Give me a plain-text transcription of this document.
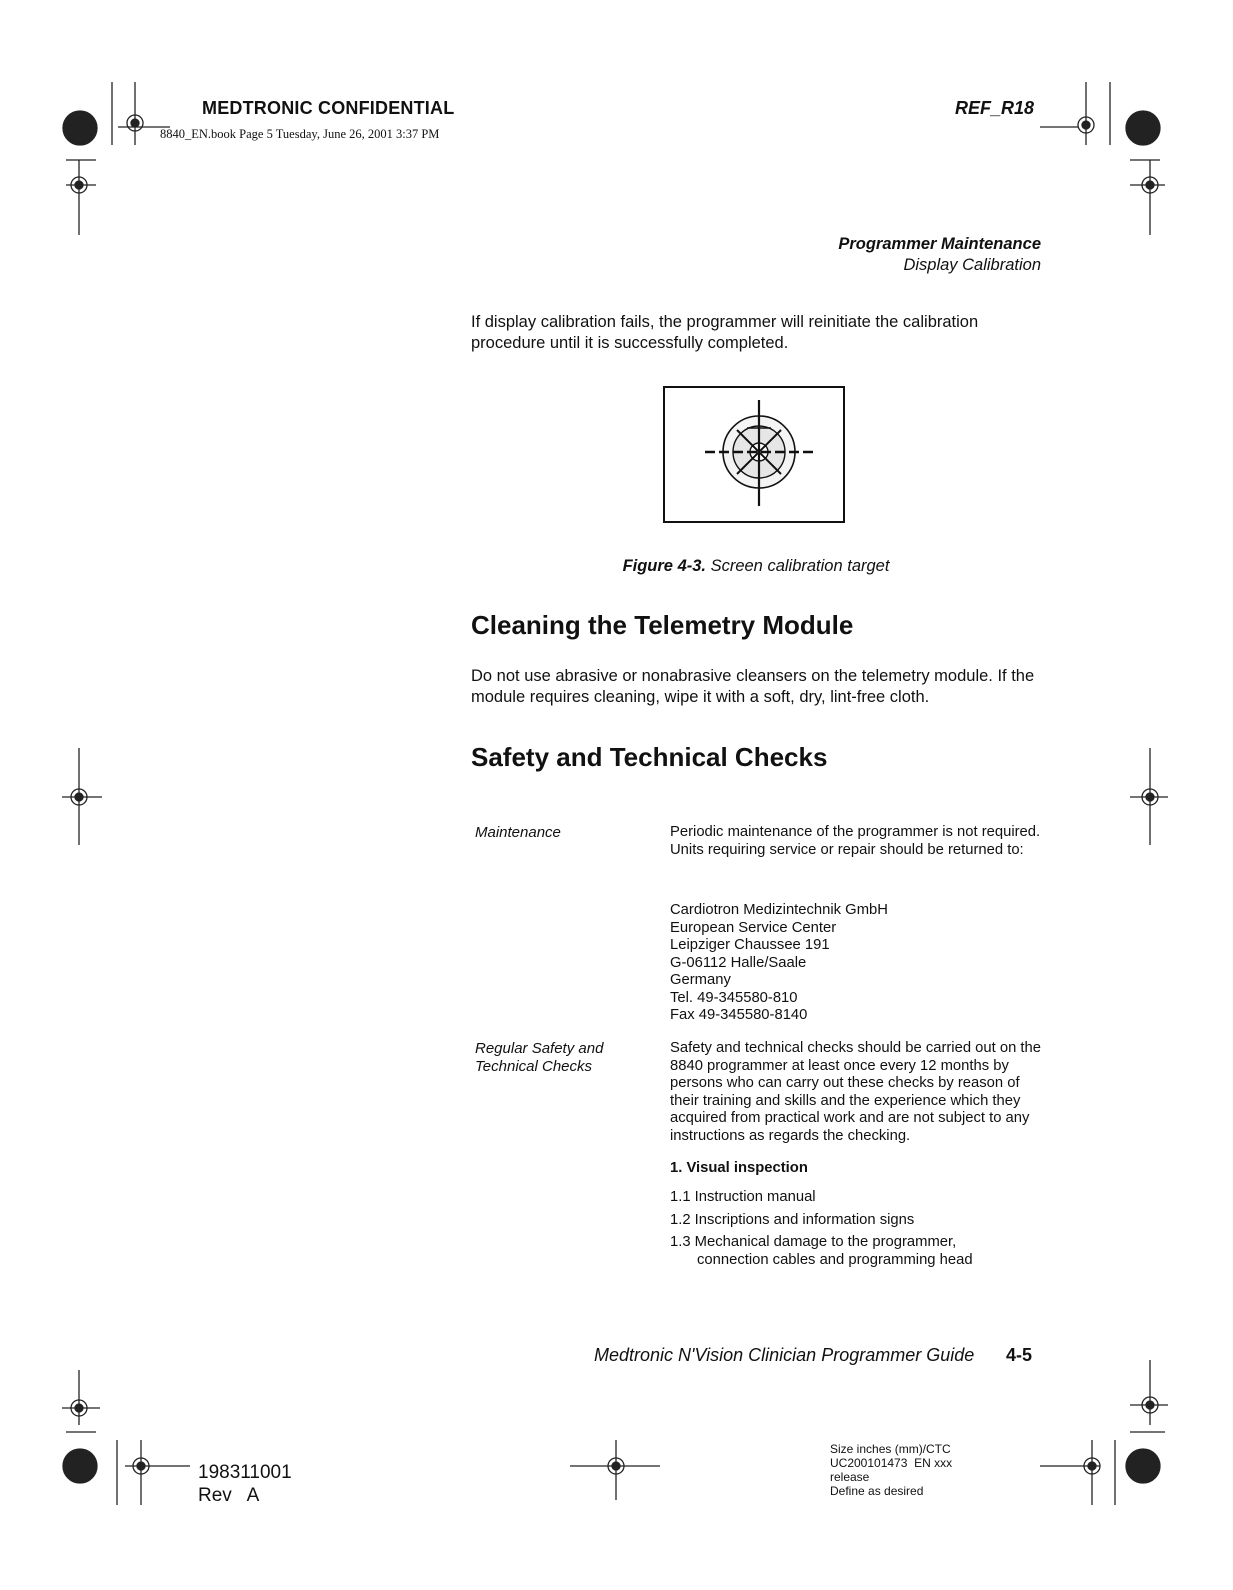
MEDTRONIC CONFIDENTIAL
8840_EN.book Page 5 Tuesday, June 26, 2001 3:37 PM
REF_R18
Programmer Maintenance
Display Calibration
If display calibration fails, the programmer will reinitiate the calibration procedure until it is successfully completed.
Figure 4-3. Screen calibration target
Cleaning the Telemetry Module
Do not use abrasive or nonabrasive cleansers on the telemetry module. If the module requires cleaning, wipe it with a soft, dry, lint-free cloth.
Safety and Technical Checks
Maintenance	Periodic maintenance of the programmer is not required. Units requiring service or repair should be returned to:
Cardiotron Medizintechnik GmbH
European Service Center
Leipziger Chaussee 191
G-06112 Halle/Saale
Germany
Tel. 49-345580-810
Fax 49-345580-8140
Regular Safety and
Technical Checks
Safety and technical checks should be carried out on the 8840 programmer at least once every 12 months by persons who can carry out these checks by reason of their training and skills and the experience which they acquired from practical work and are not subject to any instructions as regards the checking.
1. Visual inspection
1.1 Instruction manual
1.2 Inscriptions and information signs
1.3 Mechanical damage to the programmer,
connection cables and programming head
Medtronic N'Vision Clinician Programmer Guide 4-5
198311001
Rev   A
Size inches (mm)/CTC
UC200101473  EN xxx
release
Define as desired
